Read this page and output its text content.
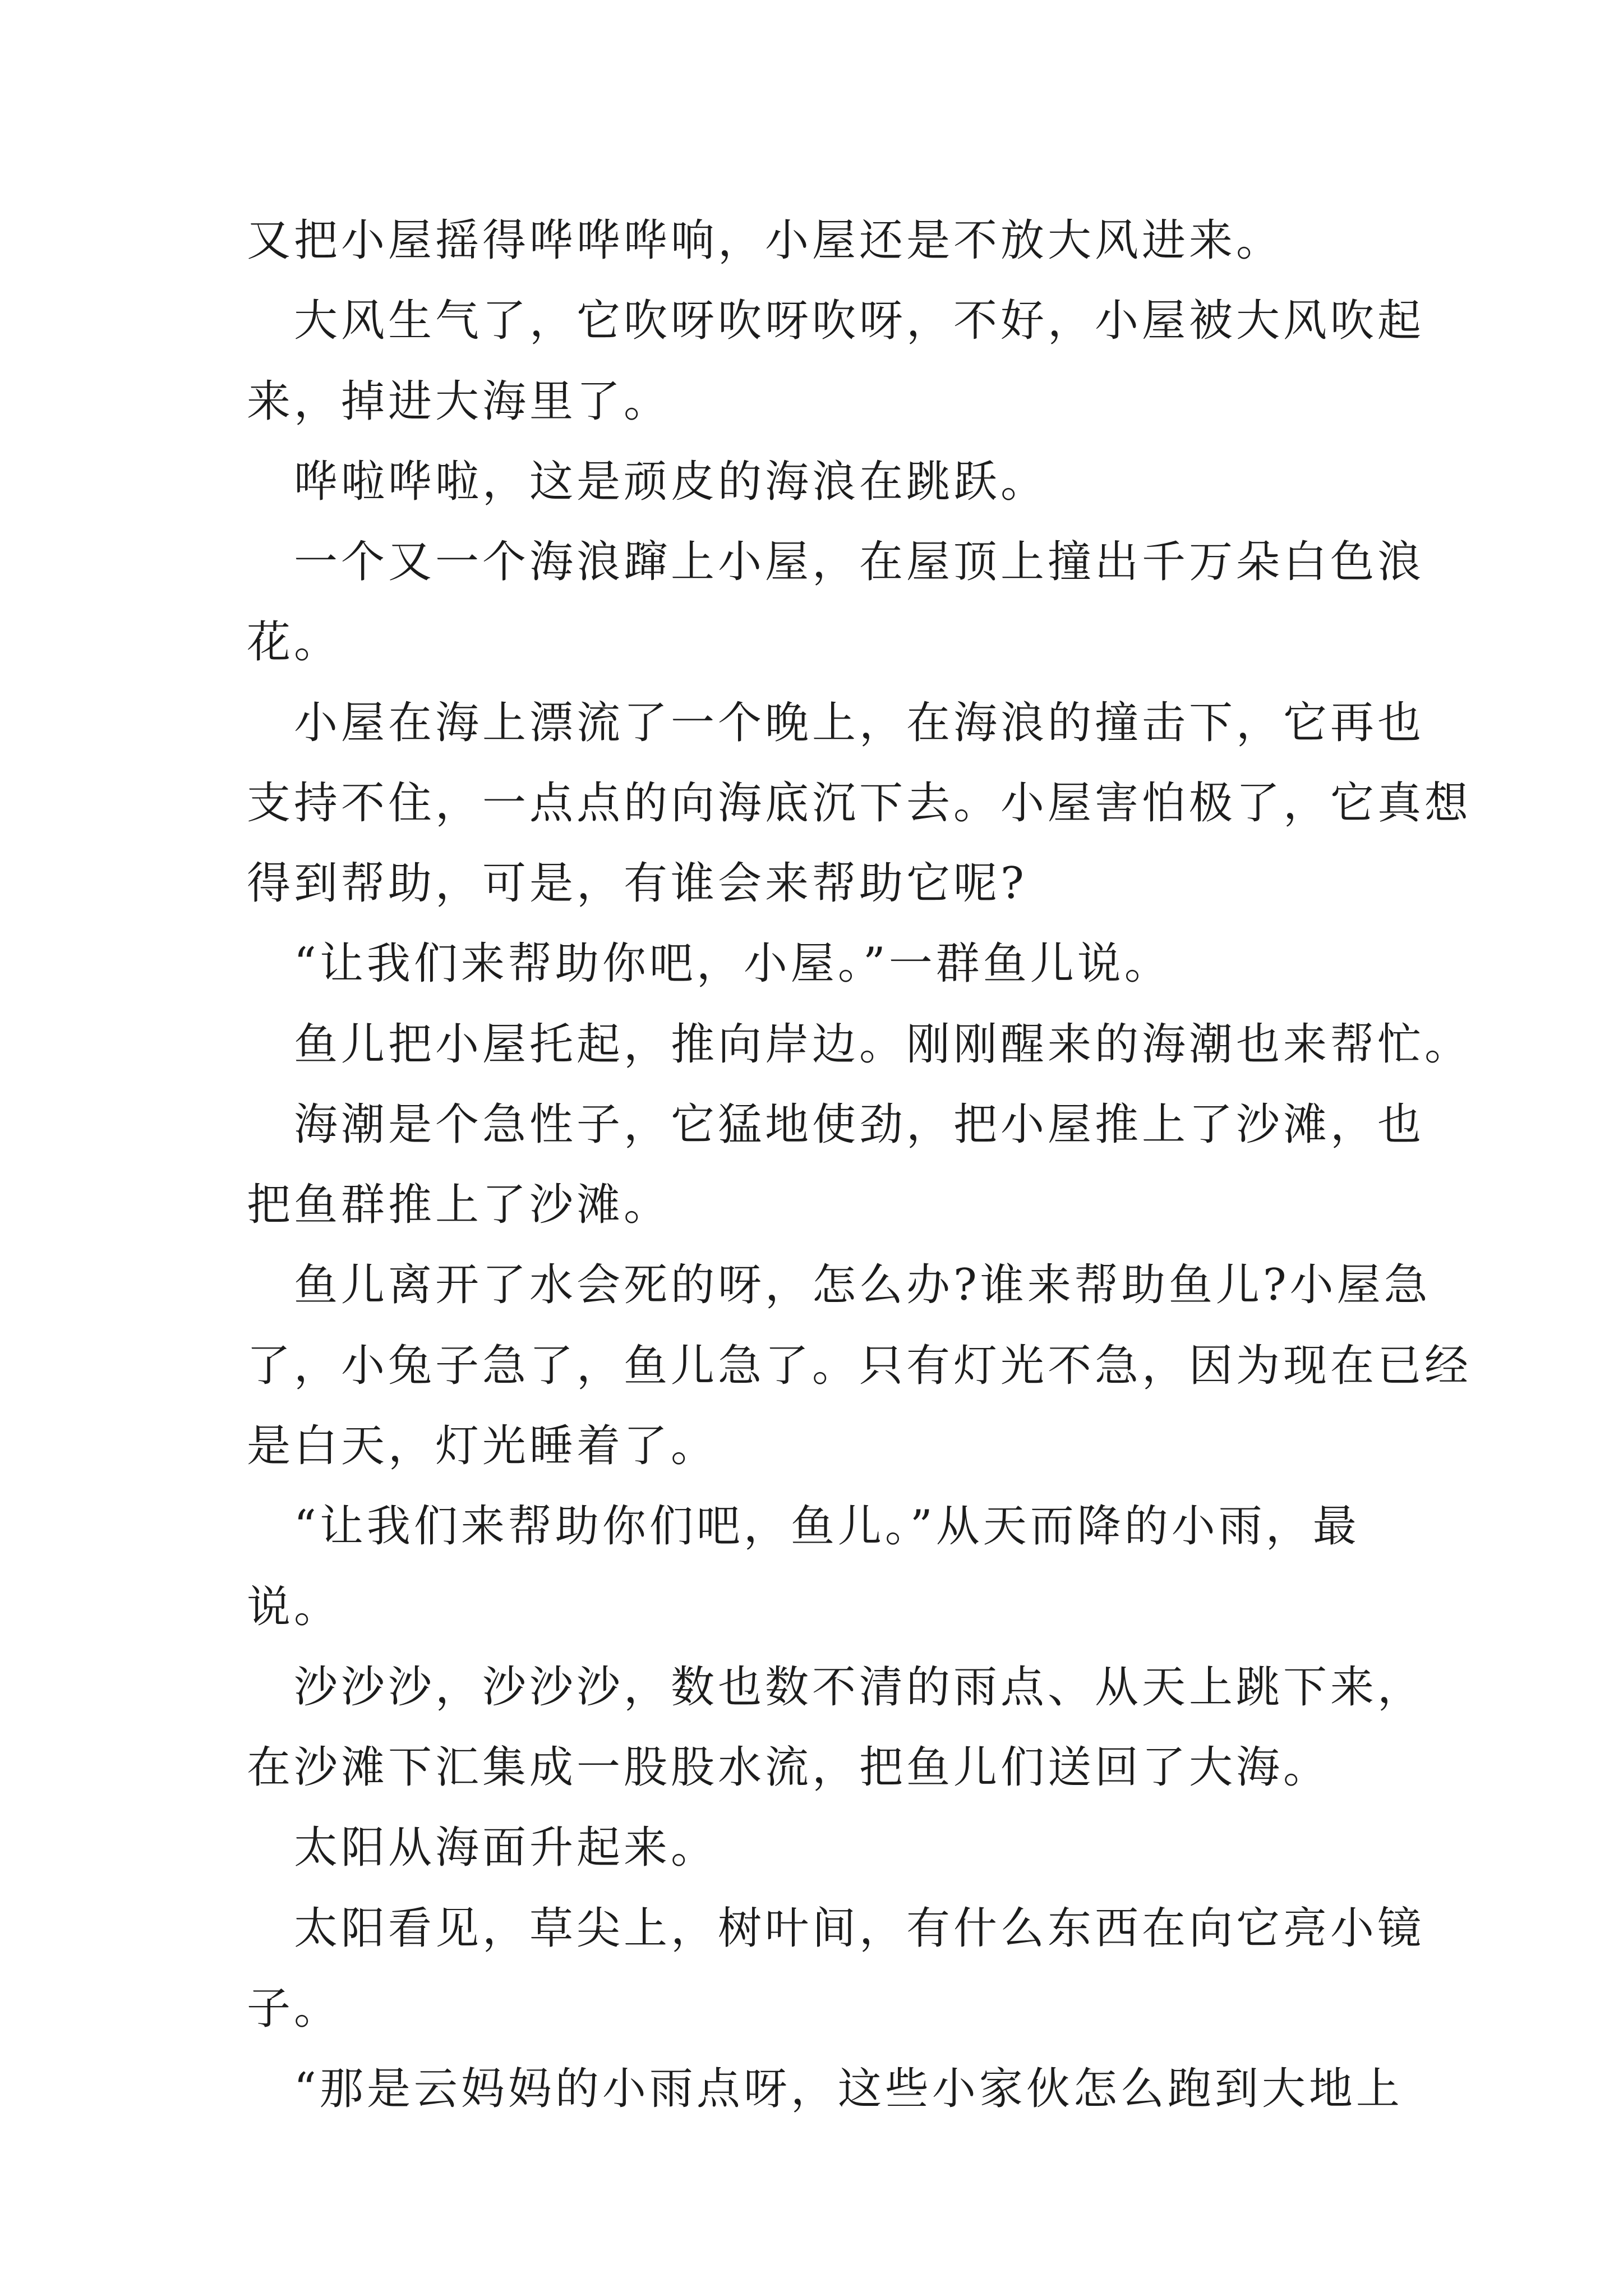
又把小屋摇得哗哗哗响，小屋还是不放大风进来。
　大风生气了，它吹呀吹呀吹呀，不好，小屋被大风吹起
来，掉进大海里了。
　哗啦哗啦，这是顽皮的海浪在跳跃。
　一个又一个海浪蹿上小屋，在屋顶上撞出千万朵白色浪
花。
　小屋在海上漂流了一个晚上，在海浪的撞击下，它再也
支持不住，一点点的向海底沉下去。小屋害怕极了，它真想
得到帮助，可是，有谁会来帮助它呢?
　“让我们来帮助你吧，小屋。”一群鱼儿说。
　鱼儿把小屋托起，推向岸边。刚刚醒来的海潮也来帮忙。
　海潮是个急性子，它猛地使劲，把小屋推上了沙滩，也
把鱼群推上了沙滩。
　鱼儿离开了水会死的呀，怎么办?谁来帮助鱼儿?小屋急
了，小兔子急了，鱼儿急了。只有灯光不急，因为现在已经
是白天，灯光睡着了。
　“让我们来帮助你们吧，鱼儿。”从天而降的小雨，最
说。
　沙沙沙，沙沙沙，数也数不清的雨点、从天上跳下来，
在沙滩下汇集成一股股水流，把鱼儿们送回了大海。
　太阳从海面升起来。
　太阳看见，草尖上，树叶间，有什么东西在向它亮小镜
子。
　“那是云妈妈的小雨点呀，这些小家伙怎么跑到大地上
